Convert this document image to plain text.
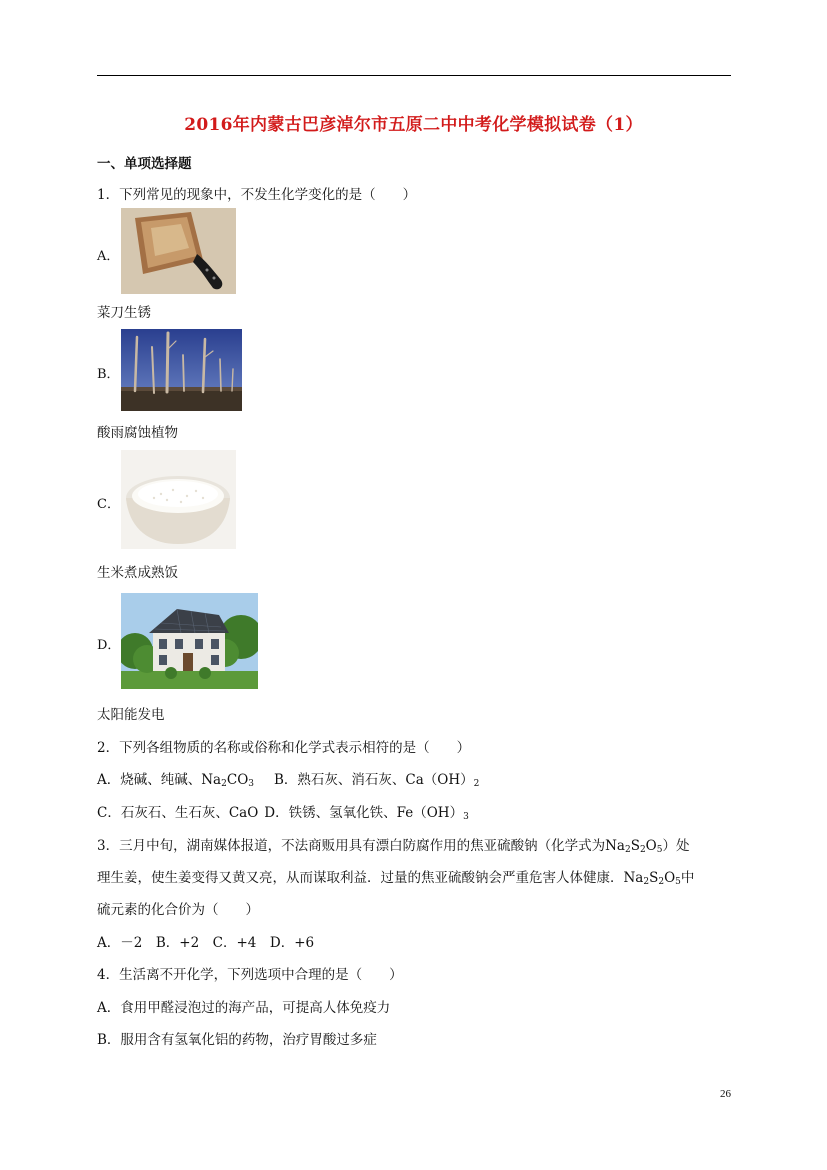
2016年内蒙古巴彦淖尔市五原二中中考化学模拟试卷（1）
一、单项选择题
1．下列常见的现象中，不发生化学变化的是（　　）
A．
菜刀生锈
B．
酸雨腐蚀植物
C．
生米煮成熟饭
D．
太阳能发电
2．下列各组物质的名称或俗称和化学式表示相符的是（　　）
A．烧碱、纯碱、$Na_2CO_3$ B．熟石灰、消石灰、$Ca(OH)_2$
C．石灰石、生石灰、CaO D．铁锈、氢氧化铁、$Fe(OH)_3$
3．三月中旬，湖南媒体报道，不法商贩用具有漂白防腐作用的焦亚硫酸钠（化学式为$Na_2S_2O_5$）处
理生姜，使生姜变得又黄又亮，从而谋取利益．过量的焦亚硫酸钠会严重危害人体健康．$Na_2S_2O_5$中
硫元素的化合价为（　　）
A．－2　B．+2　C．+4　D．+6
4．生活离不开化学，下列选项中合理的是（　　）
A．食用甲醛浸泡过的海产品，可提高人体免疫力
B．服用含有氢氧化铝的药物，治疗胃酸过多症
26
